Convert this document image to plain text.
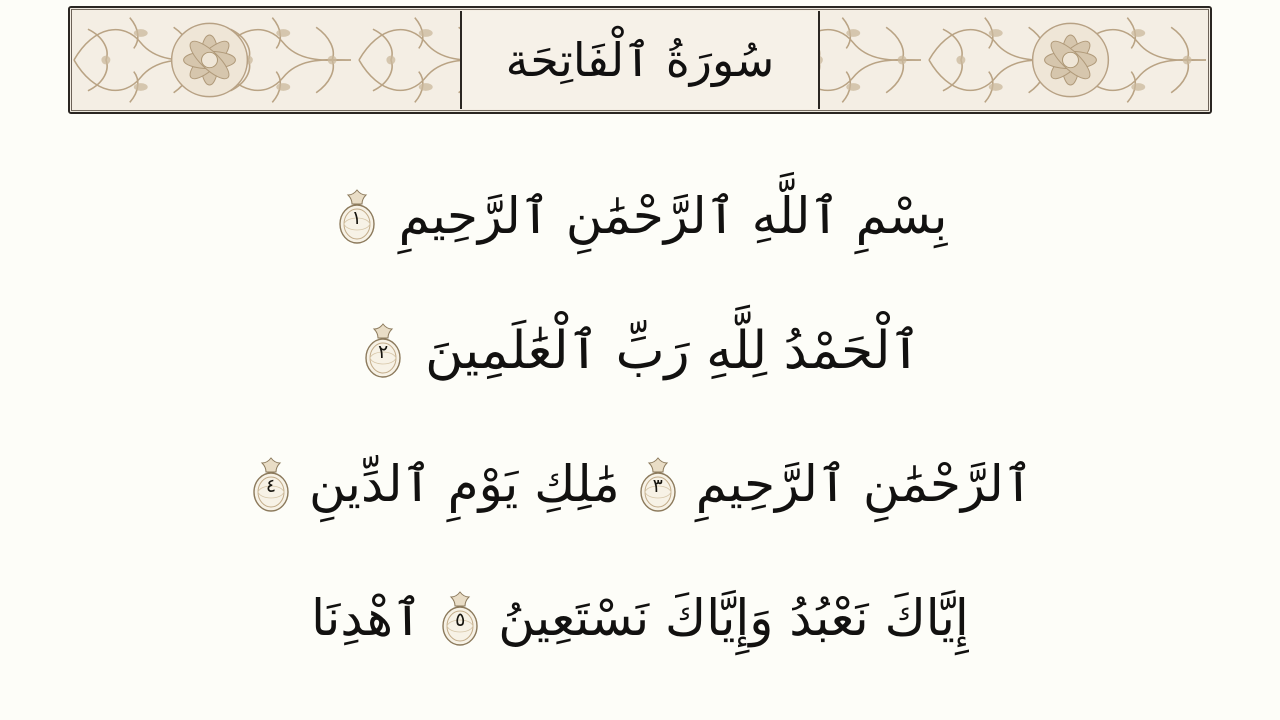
سُورَةُ ٱلْفَاتِحَة
بِسْمِ ٱللَّهِ ٱلرَّحْمَٰنِ ٱلرَّحِيمِ
١
ٱلْحَمْدُ لِلَّهِ رَبِّ ٱلْعَٰلَمِينَ
٢
ٱلرَّحْمَٰنِ ٱلرَّحِيمِ
٣
مَٰلِكِ يَوْمِ ٱلدِّينِ
٤
إِيَّاكَ نَعْبُدُ وَإِيَّاكَ نَسْتَعِينُ
٥
ٱهْدِنَا
